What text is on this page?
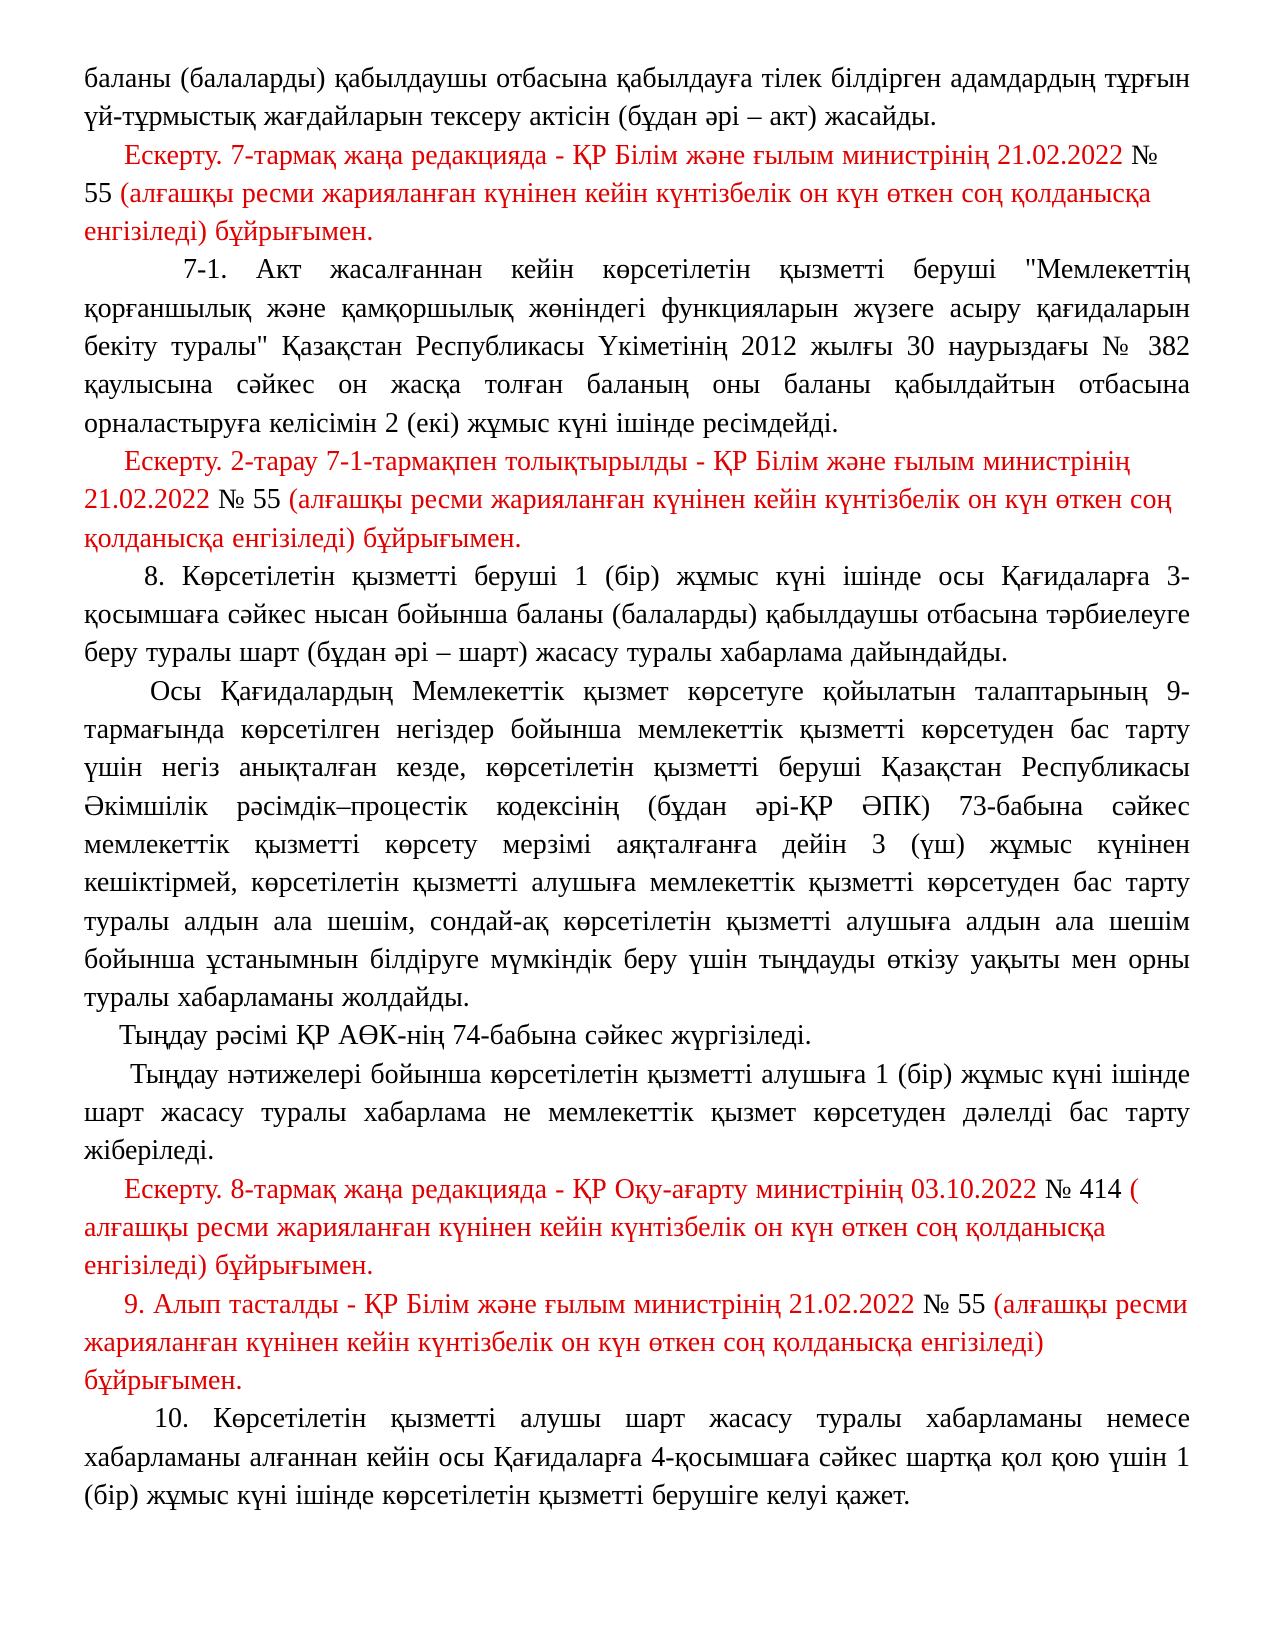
баланы (балаларды) қабылдаушы отбасына қабылдауға тілек білдірген адамдардың тұрғын үй-тұрмыстық жағдайларын тексеру актісін (бұдан әрі – акт) жасайды.

Ескерту. 7-тармақ жаңа редакцияда - ҚР Білім және ғылым министрінің 21.02.2022 № 55 (алғашқы ресми жарияланған күнінен кейін күнтізбелік он күн өткен соң қолданысқа енгізіледі) бұйрығымен.

7-1. Акт жасалғаннан кейін көрсетілетін қызметті беруші "Мемлекеттің қорғаншылық және қамқоршылық жөніндегі функцияларын жүзеге асыру қағидаларын бекіту туралы" Қазақстан Республикасы Үкіметінің 2012 жылғы 30 наурыздағы № 382 қаулысына сәйкес он жасқа толған баланың оны баланы қабылдайтын отбасына орналастыруға келісімін 2 (екі) жұмыс күні ішінде ресімдейді.

Ескерту. 2-тарау 7-1-тармақпен толықтырылды - ҚР Білім және ғылым министрінің 21.02.2022 № 55 (алғашқы ресми жарияланған күнінен кейін күнтізбелік он күн өткен соң қолданысқа енгізіледі) бұйрығымен.

8. Көрсетілетін қызметті беруші 1 (бір) жұмыс күні ішінде осы Қағидаларға 3-қосымшаға сәйкес нысан бойынша баланы (балаларды) қабылдаушы отбасына тәрбиелеуге беру туралы шарт (бұдан әрі – шарт) жасасу туралы хабарлама дайындайды.

Осы Қағидалардың Мемлекеттік қызмет көрсетуге қойылатын талаптарының 9-тармағында көрсетілген негіздер бойынша мемлекеттік қызметті көрсетуден бас тарту үшін негіз анықталған кезде, көрсетілетін қызметті беруші Қазақстан Республикасы Әкімшілік рәсімдік–процестік кодексінің (бұдан әрі-ҚР ӘПК) 73-бабына сәйкес мемлекеттік қызметті көрсету мерзімі аяқталғанға дейін 3 (үш) жұмыс күнінен кешіктірмей, көрсетілетін қызметті алушыға мемлекеттік қызметті көрсетуден бас тарту туралы алдын ала шешім, сондай-ақ көрсетілетін қызметті алушыға алдын ала шешім бойынша ұстанымнын білдіруге мүмкіндік беру үшін тыңдауды өткізу уақыты мен орны туралы хабарламаны жолдайды.

Тыңдау рәсімі ҚР АӨК-нің 74-бабына сәйкес жүргізіледі.

Тыңдау нәтижелері бойынша көрсетілетін қызметті алушыға 1 (бір) жұмыс күні ішінде шарт жасасу туралы хабарлама не мемлекеттік қызмет көрсетуден дәлелді бас тарту жіберіледі.

Ескерту. 8-тармақ жаңа редакцияда - ҚР Оқу-ағарту министрінің 03.10.2022 № 414 ( алғашқы ресми жарияланған күнінен кейін күнтізбелік он күн өткен соң қолданысқа енгізіледі) бұйрығымен.

9. Алып тасталды - ҚР Білім және ғылым министрінің 21.02.2022 № 55 (алғашқы ресми жарияланған күнінен кейін күнтізбелік он күн өткен соң қолданысқа енгізіледі) бұйрығымен.

10. Көрсетілетін қызметті алушы шарт жасасу туралы хабарламаны немесе хабарламаны алғаннан кейін осы Қағидаларға 4-қосымшаға сәйкес шартқа қол қою үшін 1 (бір) жұмыс күні ішінде көрсетілетін қызметті берушіге келуі қажет.
